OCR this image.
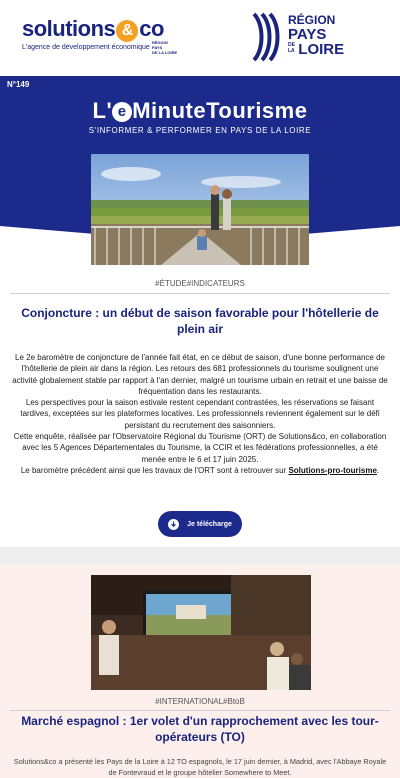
solutions & co
L'agence de développement économique
RÉGION
PAYS
DE LA LOIRE
RÉGION
PAYS
DE
LA LOIRE
N°149
L' e MinuteTourisme
S'INFORMER & PERFORMER EN PAYS DE LA LOIRE
#ÉTUDE#INDICATEURS
Conjoncture : un début de saison favorable pour l'hôtellerie de plein air
Le 2e baromètre de conjoncture de l'année fait état, en ce début de saison, d'une bonne performance de l'hôtellerie de plein air dans la région. Les retours des 681 professionnels du tourisme soulignent une activité globalement stable par rapport à l'an dernier, malgré un tourisme urbain en retrait et une baisse de fréquentation dans les restaurants.
Les perspectives pour la saison estivale restent cependant contrastées, les réservations se faisant tardives, exceptées sur les plateformes locatives. Les professionnels reviennent également sur le défi persistant du recrutement des saisonniers.
Cette enquête, réalisée par l'Observatoire Régional du Tourisme (ORT) de Solutions&co, en collaboration avec les 5 Agences Départementales du Tourisme, la CCIR et les fédérations professionnelles, a été menée entre le 6 et 17 juin 2025.
Le baromètre précédent ainsi que les travaux de l'ORT sont à retrouver sur Solutions-pro-tourisme.
Je télécharge
#INTERNATIONAL#BtoB
Marché espagnol : 1er volet d'un rapprochement avec les tour-opérateurs (TO)
Solutions&co a présenté les Pays de la Loire à 12 TO espagnols, le 17 juin dernier, à Madrid, avec l'Abbaye Royale de Fontevraud et le groupe hôtelier Somewhere to Meet.
